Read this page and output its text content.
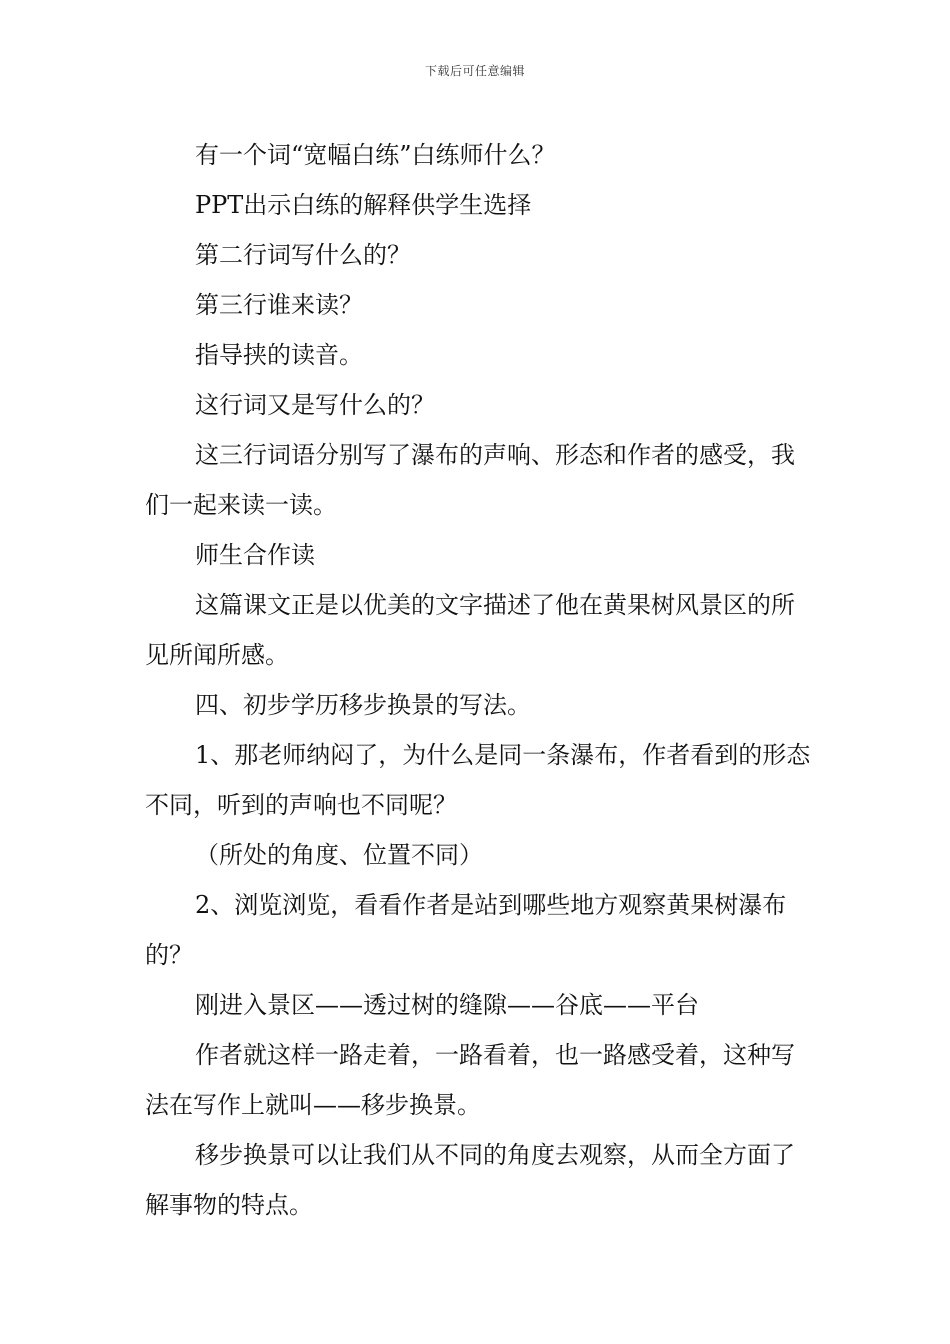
下载后可任意编辑

有一个词“宽幅白练”白练师什么？

PPT出示白练的解释供学生选择

第二行词写什么的？

第三行谁来读？

指导挟的读音。

这行词又是写什么的？

这三行词语分别写了瀑布的声响、形态和作者的感受，我们一起来读一读。

师生合作读

这篇课文正是以优美的文字描述了他在黄果树风景区的所见所闻所感。

四、初步学历移步换景的写法。

1、那老师纳闷了，为什么是同一条瀑布，作者看到的形态不同，听到的声响也不同呢？

（所处的角度、位置不同）

2、浏览浏览，看看作者是站到哪些地方观察黄果树瀑布的？

刚进入景区——透过树的缝隙——谷底——平台

作者就这样一路走着，一路看着，也一路感受着，这种写法在写作上就叫——移步换景。

移步换景可以让我们从不同的角度去观察，从而全方面了解事物的特点。
